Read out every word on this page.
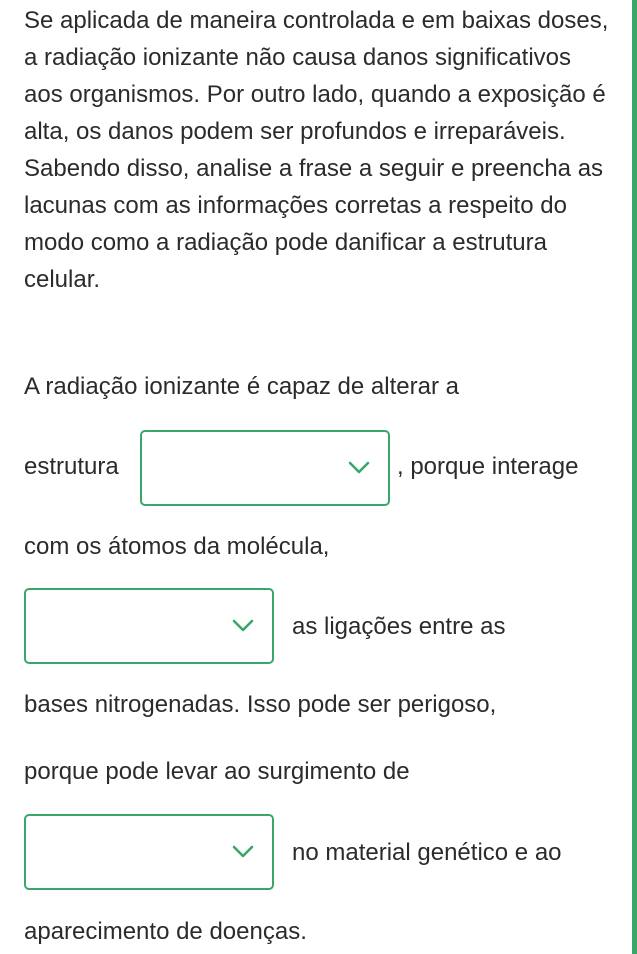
Se aplicada de maneira controlada e em baixas doses, a radiação ionizante não causa danos significativos aos organismos. Por outro lado, quando a exposição é alta, os danos podem ser profundos e irreparáveis. Sabendo disso, analise a frase a seguir e preencha as lacunas com as informações corretas a respeito do modo como a radiação pode danificar a estrutura celular.

A radiação ionizante é capaz de alterar a

estrutura	, porque interage

com os átomos da molécula,

as ligações entre as

bases nitrogenadas. Isso pode ser perigoso,

porque pode levar ao surgimento de

no material genético e ao

aparecimento de doenças.
